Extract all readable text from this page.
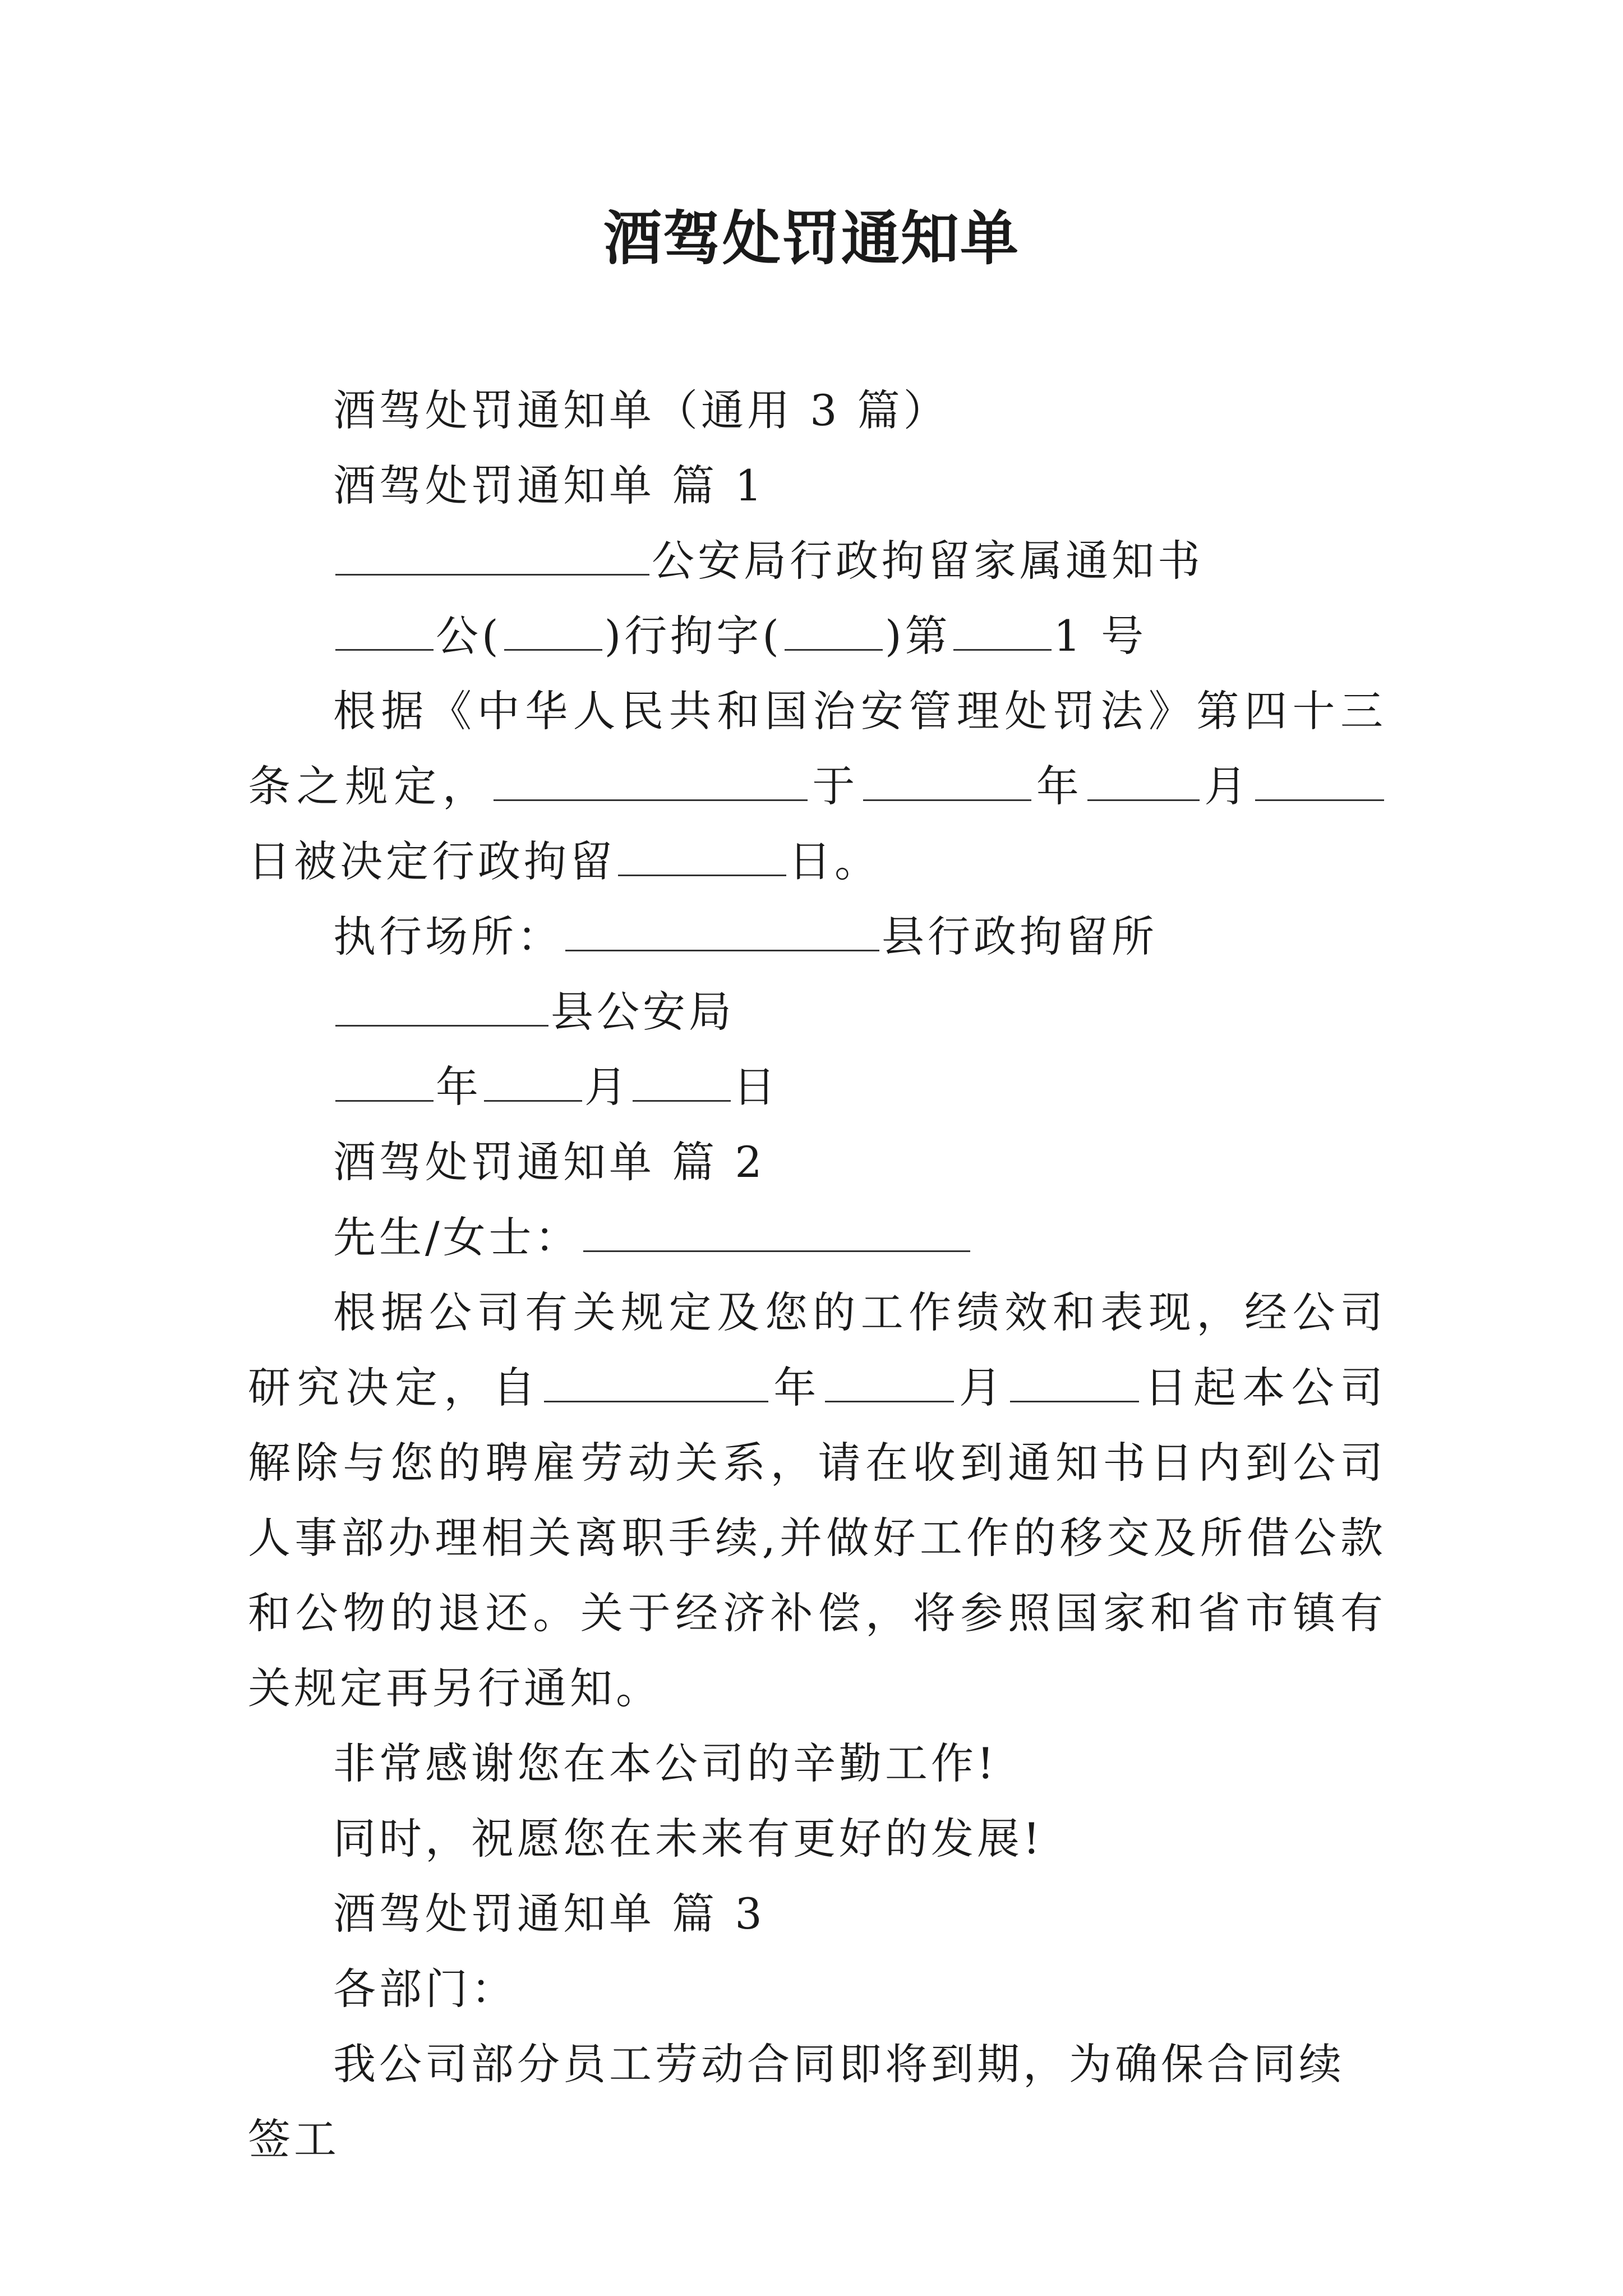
酒驾处罚通知单

酒驾处罚通知单（通用 3 篇）

酒驾处罚通知单 篇 1

公安局行政拘留家属通知书

公( )行拘字( )第 1 号

根据《中华人民共和国治安管理处罚法》第四十三条之规定，	于	年	月日被决定行政拘留	日。

执行场所：	县行政拘留所

县公安局

年 月 日

酒驾处罚通知单 篇 2

先生/女士：

根据公司有关规定及您的工作绩效和表现，经公司研究决定，自	年	月	日起本公司解除与您的聘雇劳动关系，请在收到通知书日内到公司人事部办理相关离职手续,并做好工作的移交及所借公款和公物的退还。关于经济补偿，将参照国家和省市镇有关规定再另行通知。

非常感谢您在本公司的辛勤工作!

同时，祝愿您在未来有更好的发展!

酒驾处罚通知单 篇 3

各部门：

我公司部分员工劳动合同即将到期，为确保合同续签工
